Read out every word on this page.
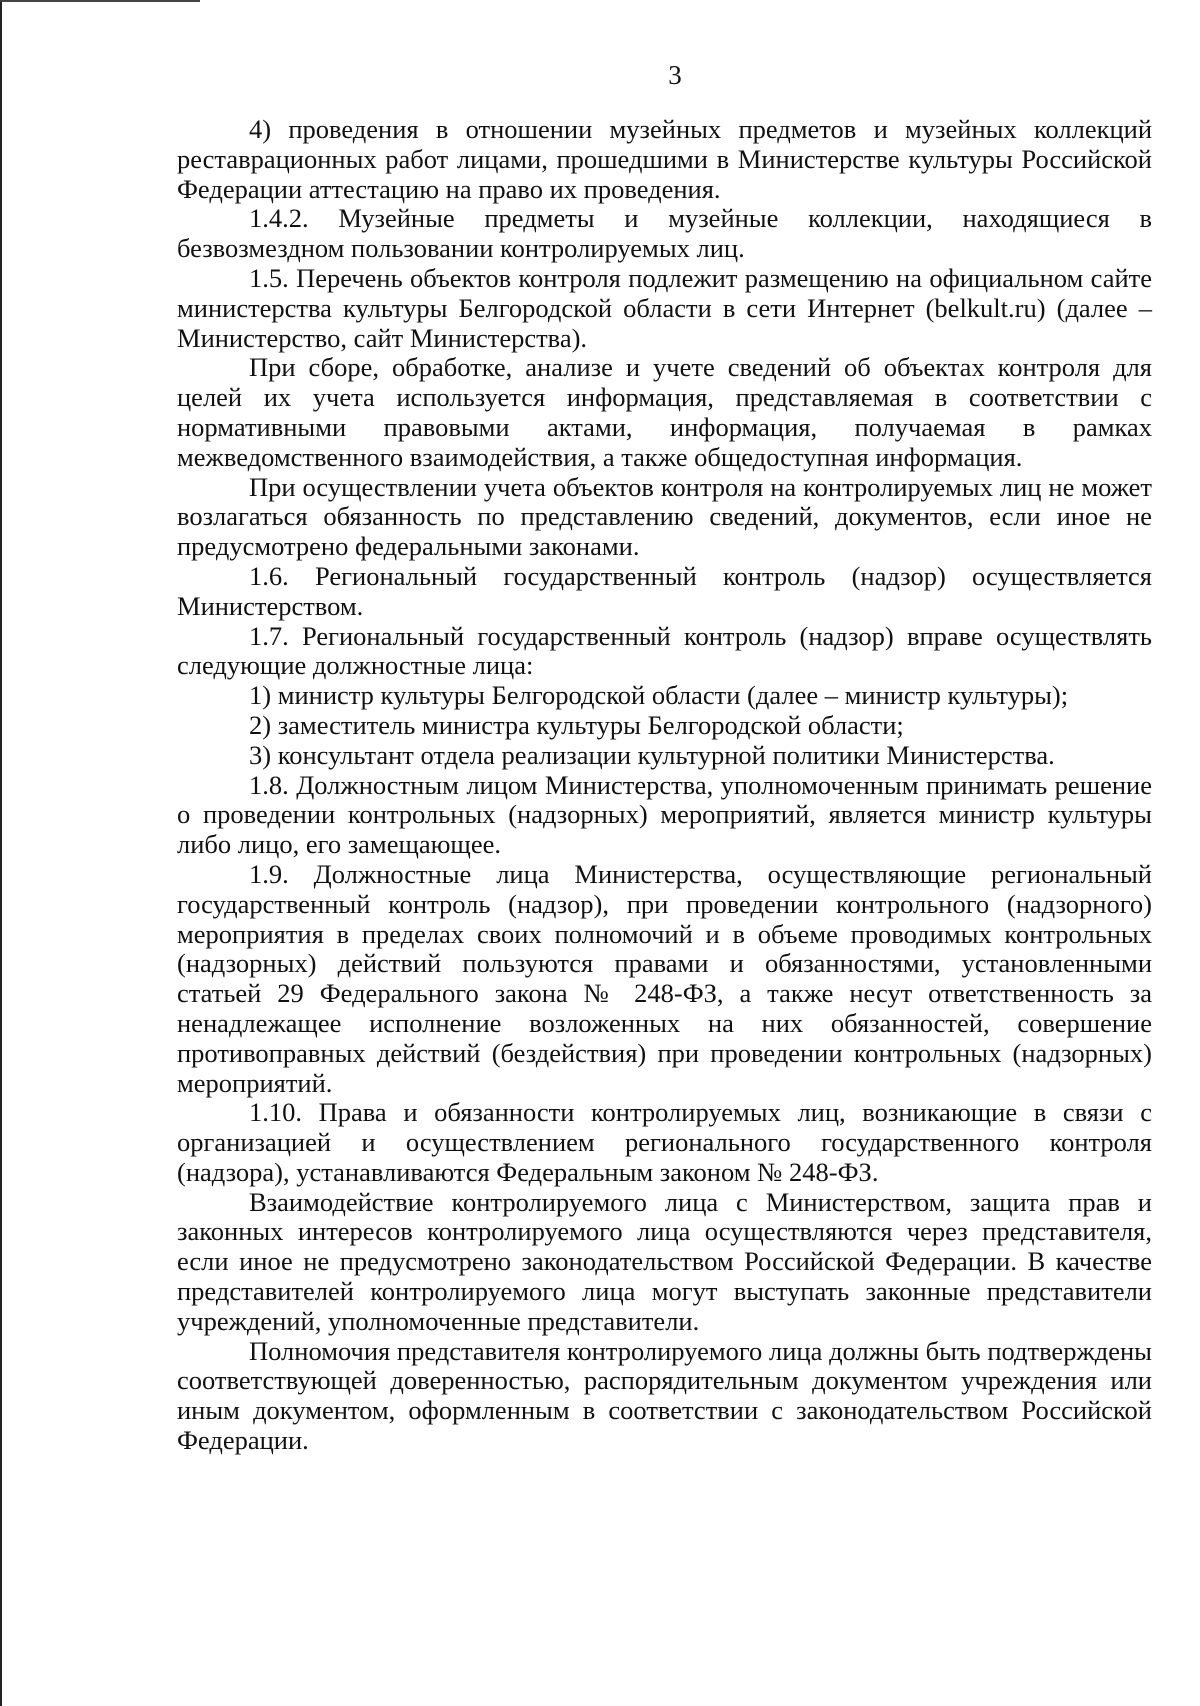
3

4) проведения в отношении музейных предметов и музейных коллекций реставрационных работ лицами, прошедшими в Министерстве культуры Российской Федерации аттестацию на право их проведения.

1.4.2. Музейные предметы и музейные коллекции, находящиеся в безвозмездном пользовании контролируемых лиц.

1.5. Перечень объектов контроля подлежит размещению на официальном сайте министерства культуры Белгородской области в сети Интернет (belkult.ru) (далее – Министерство, сайт Министерства).

При сборе, обработке, анализе и учете сведений об объектах контроля для целей их учета используется информация, представляемая в соответствии с нормативными правовыми актами, информация, получаемая в рамках межведомственного взаимодействия, а также общедоступная информация.

При осуществлении учета объектов контроля на контролируемых лиц не может возлагаться обязанность по представлению сведений, документов, если иное не предусмотрено федеральными законами.

1.6. Региональный государственный контроль (надзор) осуществляется Министерством.

1.7. Региональный государственный контроль (надзор) вправе осуществлять следующие должностные лица:

1) министр культуры Белгородской области (далее – министр культуры);

2) заместитель министра культуры Белгородской области;

3) консультант отдела реализации культурной политики Министерства.

1.8. Должностным лицом Министерства, уполномоченным принимать решение о проведении контрольных (надзорных) мероприятий, является министр культуры либо лицо, его замещающее.

1.9. Должностные лица Министерства, осуществляющие региональный государственный контроль (надзор), при проведении контрольного (надзорного) мероприятия в пределах своих полномочий и в объеме проводимых контрольных (надзорных) действий пользуются правами и обязанностями, установленными статьей 29 Федерального закона № 248-ФЗ, а также несут ответственность за ненадлежащее исполнение возложенных на них обязанностей, совершение противоправных действий (бездействия) при проведении контрольных (надзорных) мероприятий.

1.10. Права и обязанности контролируемых лиц, возникающие в связи с организацией и осуществлением регионального государственного контроля (надзора), устанавливаются Федеральным законом № 248-ФЗ.

Взаимодействие контролируемого лица с Министерством, защита прав и законных интересов контролируемого лица осуществляются через представителя, если иное не предусмотрено законодательством Российской Федерации. В качестве представителей контролируемого лица могут выступать законные представители учреждений, уполномоченные представители.

Полномочия представителя контролируемого лица должны быть подтверждены соответствующей доверенностью, распорядительным документом учреждения или иным документом, оформленным в соответствии с законодательством Российской Федерации.
